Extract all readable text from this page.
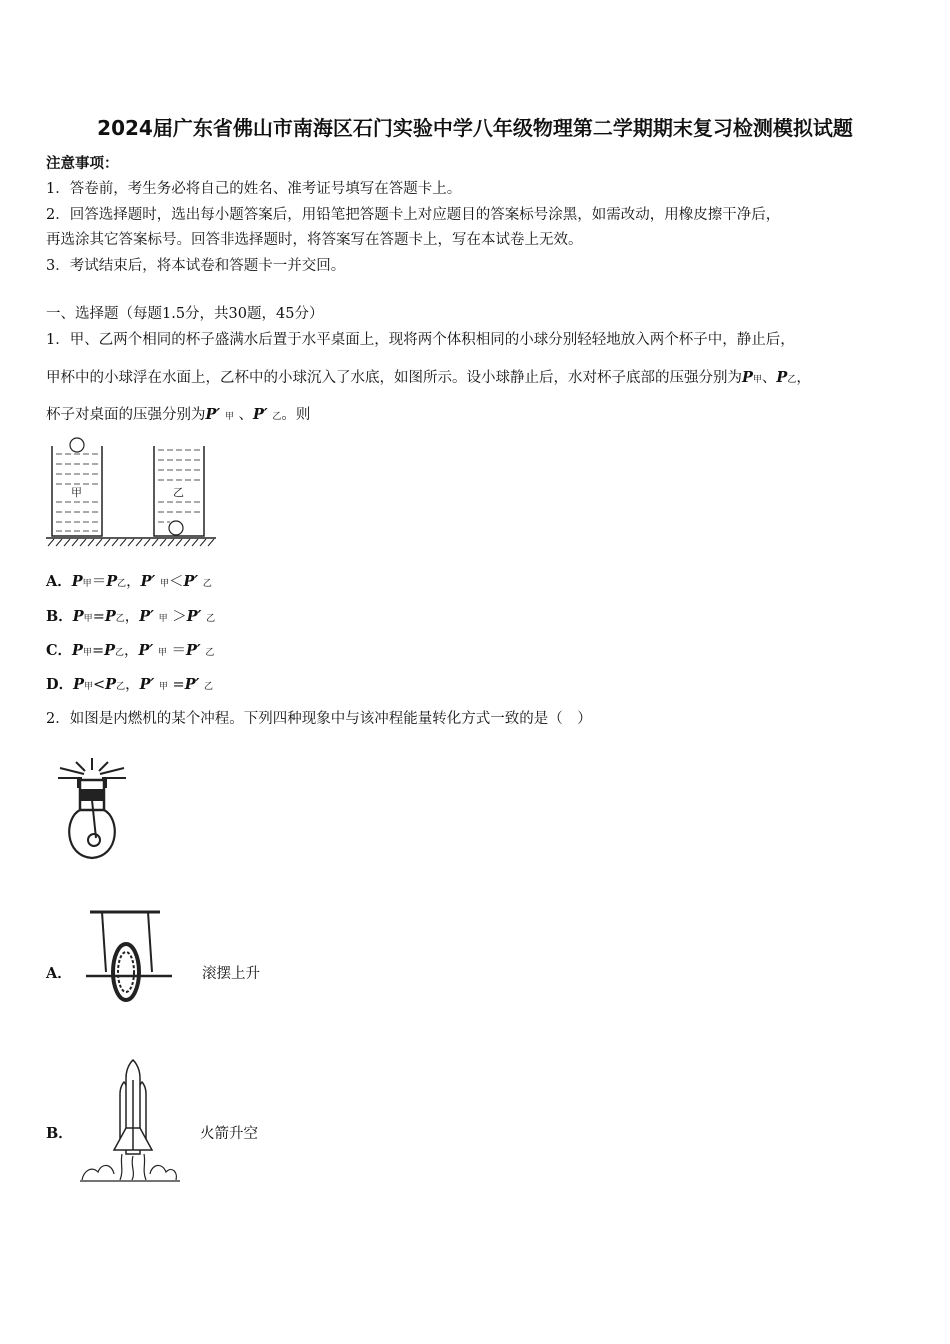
2024届广东省佛山市南海区石门实验中学八年级物理第二学期期末复习检测模拟试题
注意事项：
1．答卷前，考生务必将自己的姓名、准考证号填写在答题卡上。
2．回答选择题时，选出每小题答案后，用铅笔把答题卡上对应题目的答案标号涂黑，如需改动，用橡皮擦干净后，
再选涂其它答案标号。回答非选择题时，将答案写在答题卡上，写在本试卷上无效。
3．考试结束后，将本试卷和答题卡一并交回。
一、选择题（每题1.5分，共30题，45分）
1．甲、乙两个相同的杯子盛满水后置于水平桌面上，现将两个体积相同的小球分别轻轻地放入两个杯子中，静止后，
甲杯中的小球浮在水面上，乙杯中的小球沉入了水底，如图所示。设小球静止后，水对杯子底部的压强分别为P甲、P乙，
杯子对桌面的压强分别为P′ 甲 、P′ 乙。则
甲	乙
A．P甲＝P乙，P′ 甲＜P′ 乙
B．P甲=P乙，P′ 甲 ＞P′ 乙
C．P甲=P乙，P′ 甲 ＝P′ 乙
D．P甲<P乙，P′ 甲 =P′ 乙
2．如图是内燃机的某个冲程。下列四种现象中与该冲程能量转化方式一致的是（　）
A．	滚摆上升
B．	火箭升空
